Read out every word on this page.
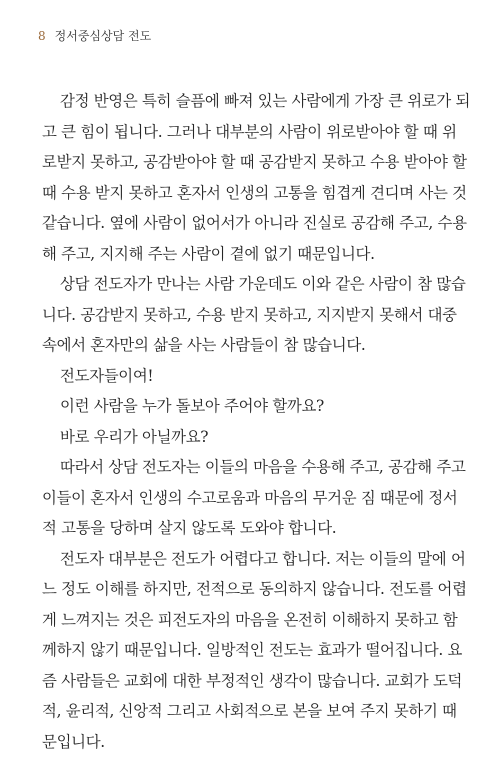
8 정서중심상담 전도
감정 반영은 특히 슬픔에 빠져 있는 사람에게 가장 큰 위로가 되
고 큰 힘이 됩니다. 그러나 대부분의 사람이 위로받아야 할 때 위
로받지 못하고, 공감받아야 할 때 공감받지 못하고 수용 받아야 할
때 수용 받지 못하고 혼자서 인생의 고통을 힘겹게 견디며 사는 것
같습니다. 옆에 사람이 없어서가 아니라 진실로 공감해 주고, 수용
해 주고, 지지해 주는 사람이 곁에 없기 때문입니다.
상담 전도자가 만나는 사람 가운데도 이와 같은 사람이 참 많습
니다. 공감받지 못하고, 수용 받지 못하고, 지지받지 못해서 대중
속에서 혼자만의 삶을 사는 사람들이 참 많습니다.
전도자들이여!
이런 사람을 누가 돌보아 주어야 할까요?
바로 우리가 아닐까요?
따라서 상담 전도자는 이들의 마음을 수용해 주고, 공감해 주고
이들이 혼자서 인생의 수고로움과 마음의 무거운 짐 때문에 정서
적 고통을 당하며 살지 않도록 도와야 합니다.
전도자 대부분은 전도가 어렵다고 합니다. 저는 이들의 말에 어
느 정도 이해를 하지만, 전적으로 동의하지 않습니다. 전도를 어렵
게 느껴지는 것은 피전도자의 마음을 온전히 이해하지 못하고 함
께하지 않기 때문입니다. 일방적인 전도는 효과가 떨어집니다. 요
즘 사람들은 교회에 대한 부정적인 생각이 많습니다. 교회가 도덕
적, 윤리적, 신앙적 그리고 사회적으로 본을 보여 주지 못하기 때
문입니다.
